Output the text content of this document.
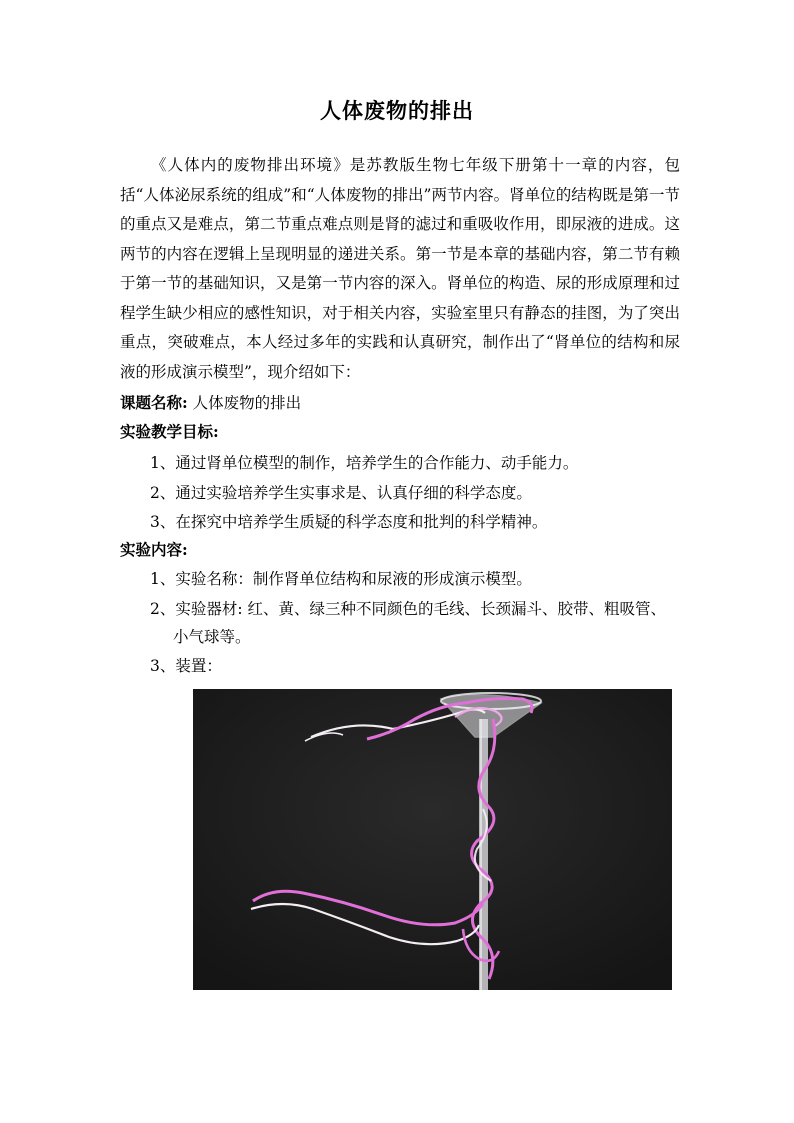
人体废物的排出
《人体内的废物排出环境》是苏教版生物七年级下册第十一章的内容，包括“人体泌尿系统的组成”和“人体废物的排出”两节内容。肾单位的结构既是第一节的重点又是难点，第二节重点难点则是肾的滤过和重吸收作用，即尿液的进成。这两节的内容在逻辑上呈现明显的递进关系。第一节是本章的基础内容，第二节有赖于第一节的基础知识，又是第一节内容的深入。肾单位的构造、尿的形成原理和过程学生缺少相应的感性知识，对于相关内容，实验室里只有静态的挂图，为了突出重点，突破难点，本人经过多年的实践和认真研究，制作出了“肾单位的结构和尿液的形成演示模型”，现介绍如下：
课题名称: 人体废物的排出
实验教学目标:
1、通过肾单位模型的制作，培养学生的合作能力、动手能力。
2、通过实验培养学生实事求是、认真仔细的科学态度。
3、在探究中培养学生质疑的科学态度和批判的科学精神。
实验内容:
1、实验名称：制作肾单位结构和尿液的形成演示模型。
2、实验器材: 红、黄、绿三种不同颜色的毛线、长颈漏斗、胶带、粗吸管、
小气球等。
3、装置：
